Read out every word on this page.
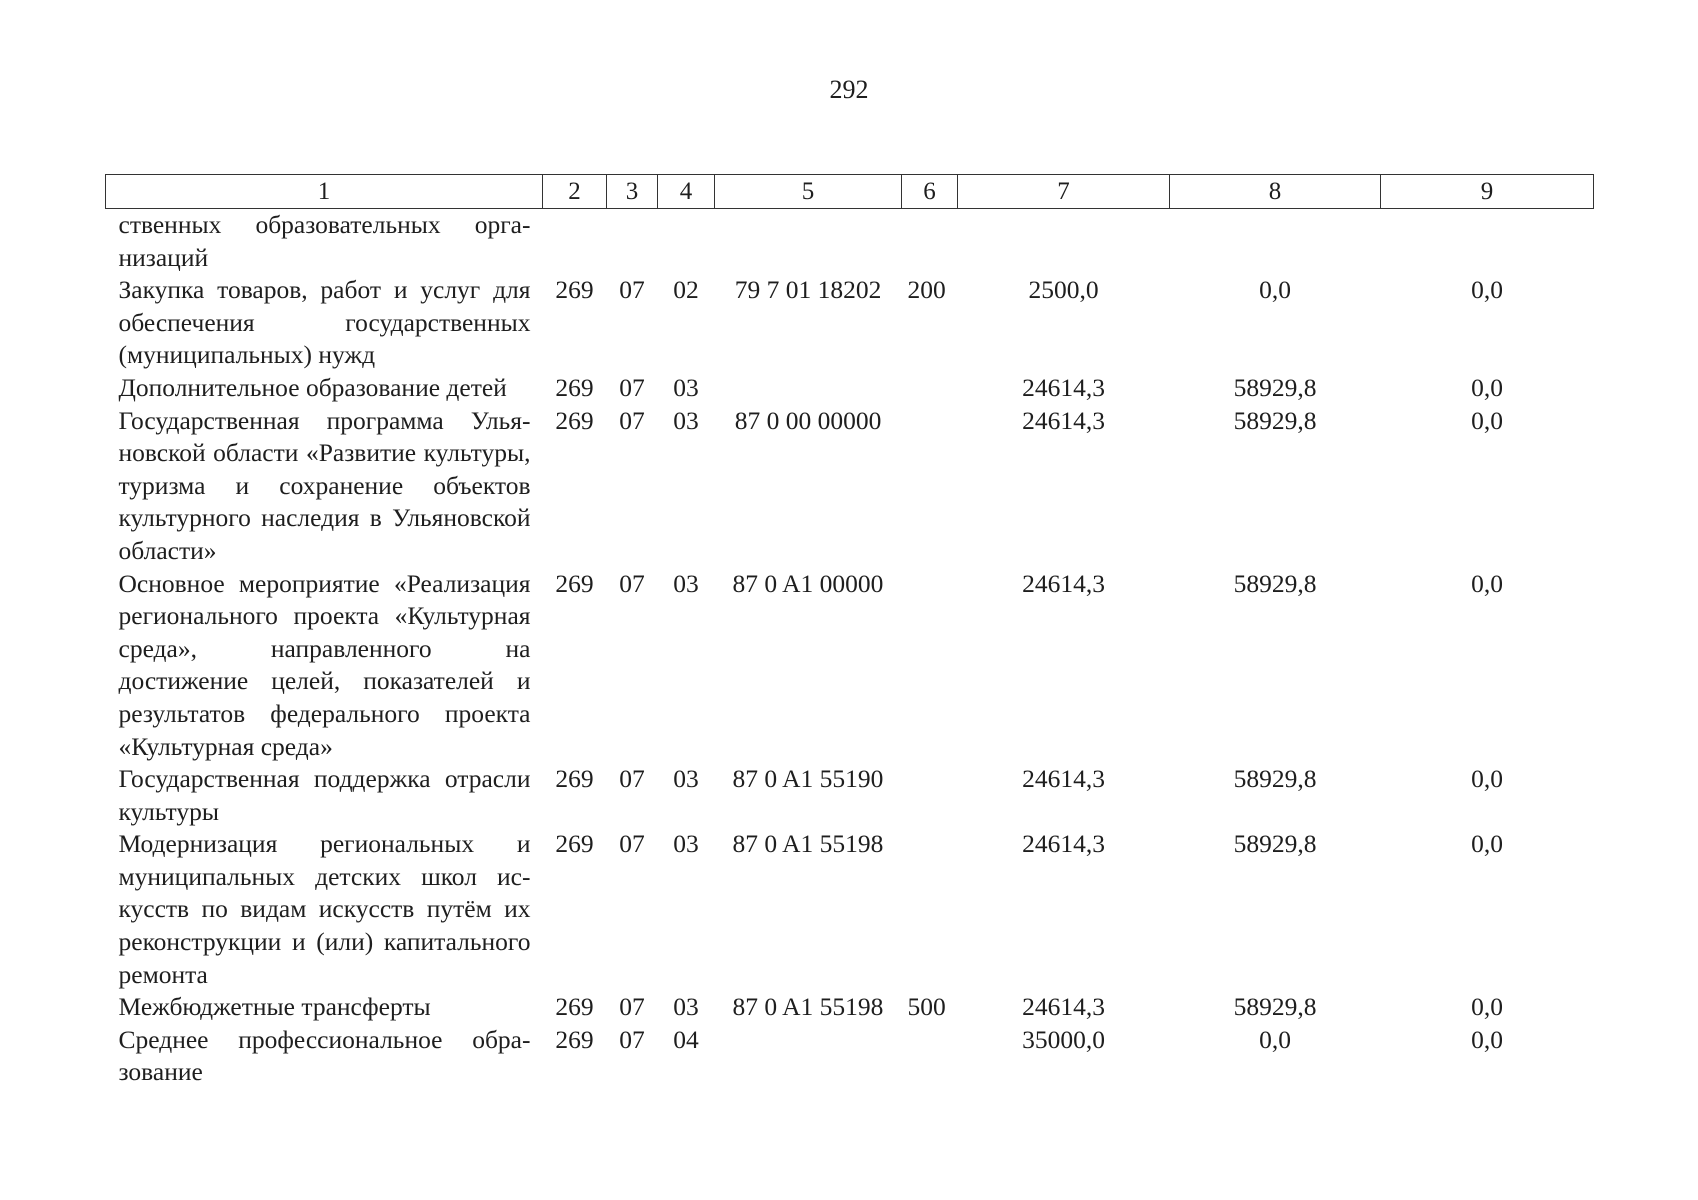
292
1	2	3	4	5	6	7	8	9
ственных образовательных организаций								
Закупка товаров, работ и услуг для обеспечения государственных (муниципальных) нужд	269	07	02	79 7 01 18202	200	2500,0	0,0	0,0
Дополнительное образование детей	269	07	03			24614,3	58929,8	0,0
Государственная программа Ульяновской области «Развитие культуры, туризма и сохранение объектов культурного наследия в Ульяновской области»	269	07	03	87 0 00 00000		24614,3	58929,8	0,0
Основное мероприятие «Реализация регионального проекта «Культурная среда», направленного на достижение целей, показателей и результатов федерального проекта «Культурная среда»	269	07	03	87 0 A1 00000		24614,3	58929,8	0,0
Государственная поддержка отрасли культуры	269	07	03	87 0 A1 55190		24614,3	58929,8	0,0
Модернизация региональных и муниципальных детских школ искусств по видам искусств путём их реконструкции и (или) капитального ремонта	269	07	03	87 0 A1 55198		24614,3	58929,8	0,0
Межбюджетные трансферты	269	07	03	87 0 A1 55198	500	24614,3	58929,8	0,0
Среднее профессиональное образование	269	07	04			35000,0	0,0	0,0
